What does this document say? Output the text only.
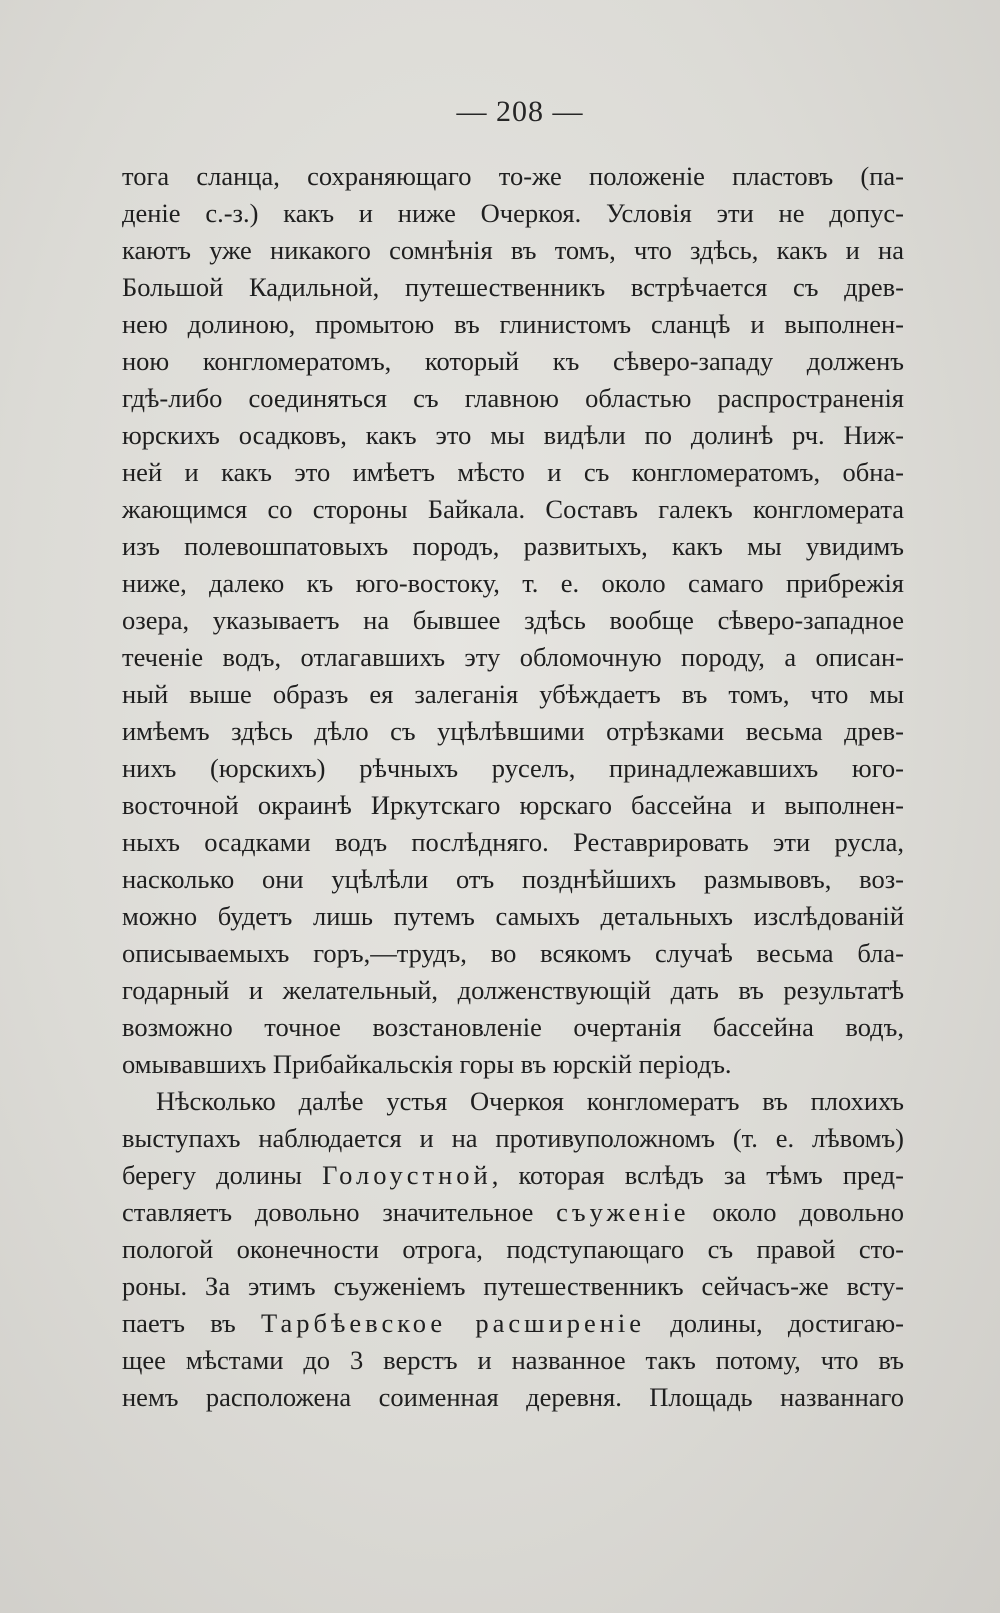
— 208 —
тога сланца, сохраняющаго то-же положеніе пластовъ (па-
деніе с.-з.) какъ и ниже Очеркоя. Условія эти не допус-
каютъ уже никакого сомнѣнія въ томъ, что здѣсь, какъ и на
Большой Кадильной, путешественникъ встрѣчается съ древ-
нею долиною, промытою въ глинистомъ сланцѣ и выполнен-
ною конгломератомъ, который къ сѣверо-западу долженъ
гдѣ-либо соединяться съ главною областью распространенія
юрскихъ осадковъ, какъ это мы видѣли по долинѣ рч. Ниж-
ней и какъ это имѣетъ мѣсто и съ конгломератомъ, обна-
жающимся со стороны Байкала. Составъ галекъ конгломерата
изъ полевошпатовыхъ породъ, развитыхъ, какъ мы увидимъ
ниже, далеко къ юго-востоку, т. е. около самаго прибрежія
озера, указываетъ на бывшее здѣсь вообще сѣверо-западное
теченіе водъ, отлагавшихъ эту обломочную породу, а описан-
ный выше образъ ея залеганія убѣждаетъ въ томъ, что мы
имѣемъ здѣсь дѣло съ уцѣлѣвшими отрѣзками весьма древ-
нихъ (юрскихъ) рѣчныхъ руселъ, принадлежавшихъ юго-
восточной окраинѣ Иркутскаго юрскаго бассейна и выполнен-
ныхъ осадками водъ послѣдняго. Реставрировать эти русла,
насколько они уцѣлѣли отъ позднѣйшихъ размывовъ, воз-
можно будетъ лишь путемъ самыхъ детальныхъ изслѣдованій
описываемыхъ горъ,—трудъ, во всякомъ случаѣ весьма бла-
годарный и желательный, долженствующій дать въ результатѣ
возможно точное возстановленіе очертанія бассейна водъ,
омывавшихъ Прибайкальскія горы въ юрскій періодъ.
Нѣсколько далѣе устья Очеркоя конгломератъ въ плохихъ
выступахъ наблюдается и на противуположномъ (т. е. лѣвомъ)
берегу долины Голоустной, которая вслѣдъ за тѣмъ пред-
ставляетъ довольно значительное съуженіе около довольно
пологой оконечности отрога, подступающаго съ правой сто-
роны. За этимъ съуженіемъ путешественникъ сейчасъ-же всту-
паетъ въ Тарбѣевское расширеніе долины, достигаю-
щее мѣстами до 3 верстъ и названное такъ потому, что въ
немъ расположена соименная деревня. Площадь названнаго
